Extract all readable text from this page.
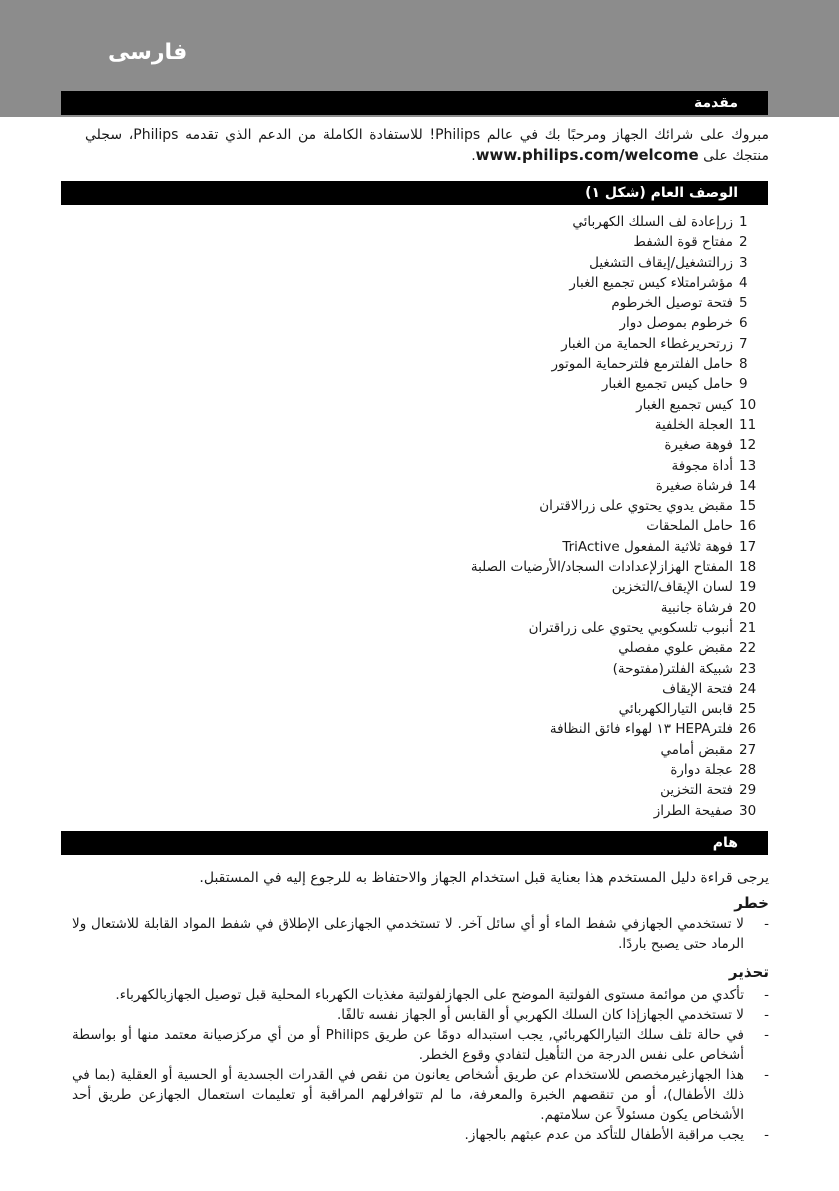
فارسی
مقدمة
مبروك على شرائك الجهاز ومرحبًا بك في عالم Philips! للاستفادة الكاملة من الدعم الذي تقدمه Philips، سجلي منتجك على www.philips.com/welcome.
الوصف العام (شكل ١)
1
زرإعادة لف السلك الكهربائي
2
مفتاح قوة الشفط
3
زرالتشغيل/إيقاف التشغيل
4
مؤشرامتلاء كيس تجميع الغبار
5
فتحة توصيل الخرطوم
6
خرطوم بموصل دوار
7
زرتحريرغطاء الحماية من الغبار
8
حامل الفلترمع فلترحماية الموتور
9
حامل كيس تجميع الغبار
10
كيس تجميع الغبار
11
العجلة الخلفية
12
فوهة صغيرة
13
أداة مجوفة
14
فرشاة صغيرة
15
مقبض يدوي يحتوي على زرالاقتران
16
حامل الملحقات
17
فوهة ثلاثية المفعول TriActive
18
المفتاح الهزازلإعدادات السجاد/الأرضيات الصلبة
19
لسان الإيقاف/التخزين
20
فرشاة جانبية
21
أنبوب تلسكوبي يحتوي على زراقتران
22
مقبض علوي مفصلي
23
شبيكة الفلتر(مفتوحة)
24
فتحة الإيقاف
25
قابس التيارالكهربائي
26
فلترHEPA ١٣ لهواء فائق النظافة
27
مقبض أمامي
28
عجلة دوارة
29
فتحة التخزين
30
صفيحة الطراز
هام
يرجى قراءة دليل المستخدم هذا بعناية قبل استخدام الجهاز والاحتفاظ به للرجوع إليه في المستقبل.
خطر
-
لا تستخدمي الجهازفي شفط الماء أو أي سائل آخر. لا تستخدمي الجهازعلى الإطلاق في شفط المواد القابلة للاشتعال ولا الرماد حتى يصبح باردًا.
تحذير
-
تأكدي من موائمة مستوى الفولتية الموضح على الجهازلفولتية مغذيات الكهرباء المحلية قبل توصيل الجهازبالكهرباء.
-
لا تستخدمي الجهازإذا كان السلك الكهربي أو القابس أو الجهاز نفسه تالفًا.
-
في حالة تلف سلك التيارالكهربائي, يجب استبداله دومًا عن طريق Philips أو من أي مركزصيانة معتمد منها أو بواسطة أشخاص على نفس الدرجة من التأهيل لتفادي وقوع الخطر.
-
هذا الجهازغيرمخصص للاستخدام عن طريق أشخاص يعانون من نقص في القدرات الجسدية أو الحسية أو العقلية (بما في ذلك الأطفال)، أو من تنقصهم الخبرة والمعرفة، ما لم تتوافرلهم المراقبة أو تعليمات استعمال الجهازعن طريق أحد الأشخاص يكون مسئولاً عن سلامتهم.
-
يجب مراقبة الأطفال للتأكد من عدم عبثهم بالجهاز.
